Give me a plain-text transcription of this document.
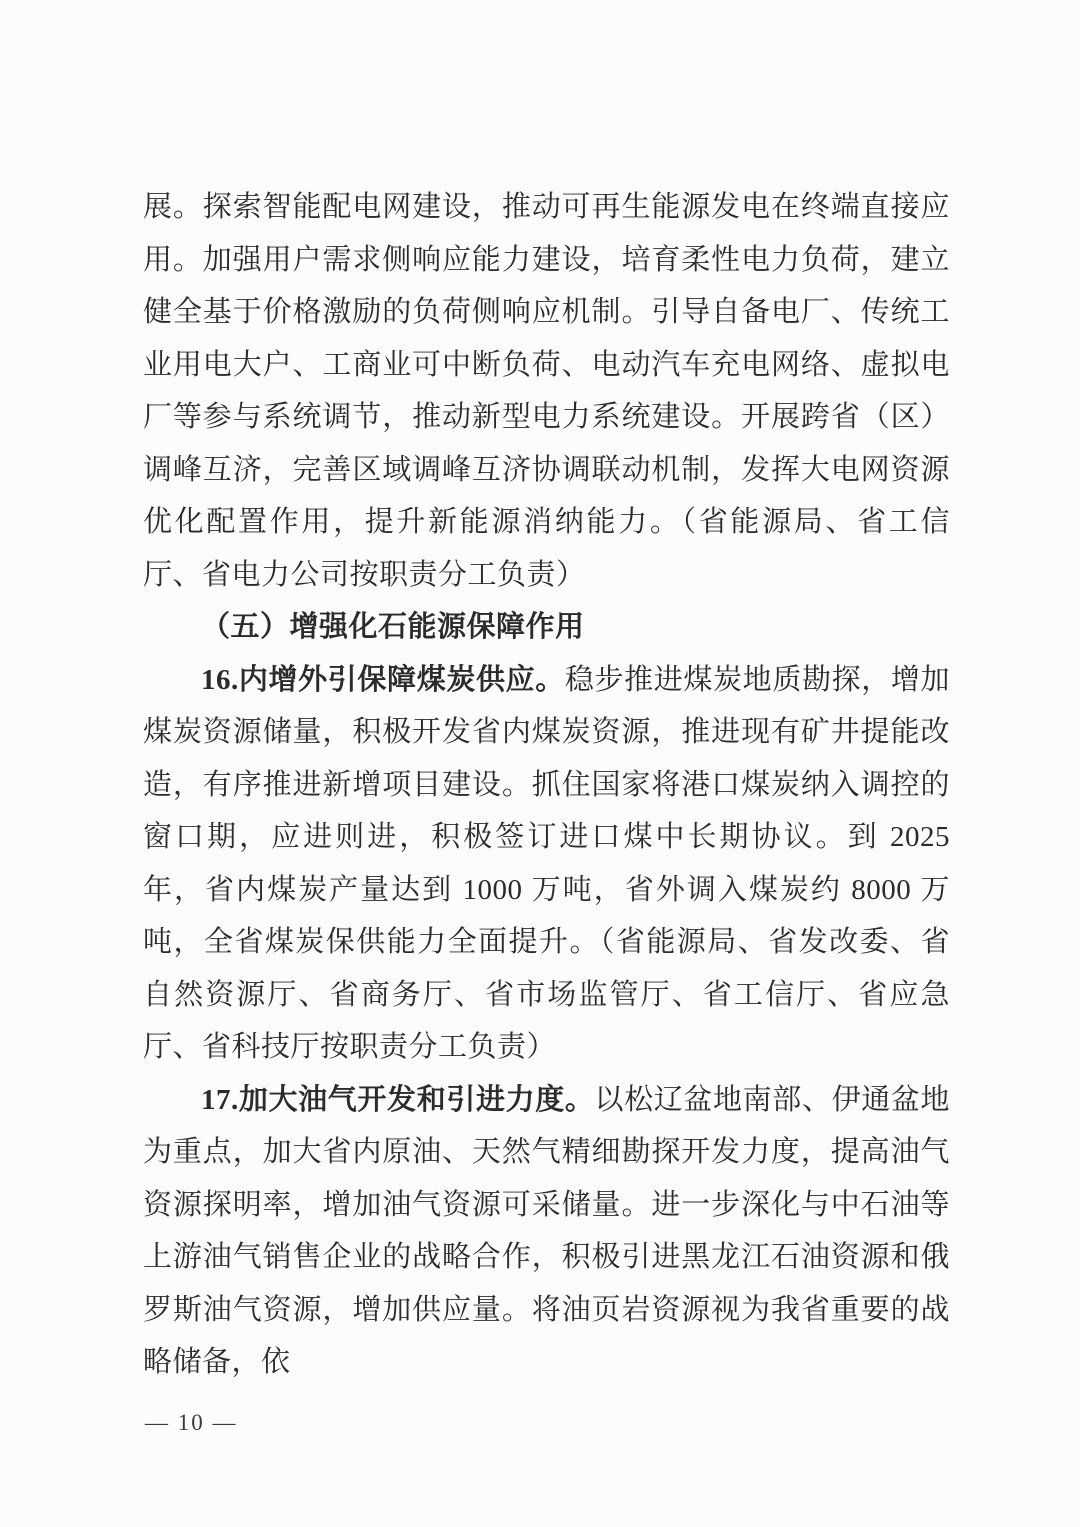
展。探索智能配电网建设，推动可再生能源发电在终端直接应用。加强用户需求侧响应能力建设，培育柔性电力负荷，建立健全基于价格激励的负荷侧响应机制。引导自备电厂、传统工业用电大户、工商业可中断负荷、电动汽车充电网络、虚拟电厂等参与系统调节，推动新型电力系统建设。开展跨省（区）调峰互济，完善区域调峰互济协调联动机制，发挥大电网资源优化配置作用，提升新能源消纳能力。（省能源局、省工信厅、省电力公司按职责分工负责）

（五）增强化石能源保障作用

16.内增外引保障煤炭供应。稳步推进煤炭地质勘探，增加煤炭资源储量，积极开发省内煤炭资源，推进现有矿井提能改造，有序推进新增项目建设。抓住国家将港口煤炭纳入调控的窗口期，应进则进，积极签订进口煤中长期协议。到 2025 年，省内煤炭产量达到 1000 万吨，省外调入煤炭约 8000 万吨，全省煤炭保供能力全面提升。（省能源局、省发改委、省自然资源厅、省商务厅、省市场监管厅、省工信厅、省应急厅、省科技厅按职责分工负责）

17.加大油气开发和引进力度。以松辽盆地南部、伊通盆地为重点，加大省内原油、天然气精细勘探开发力度，提高油气资源探明率，增加油气资源可采储量。进一步深化与中石油等上游油气销售企业的战略合作，积极引进黑龙江石油资源和俄罗斯油气资源，增加供应量。将油页岩资源视为我省重要的战略储备，依

— 10 —
